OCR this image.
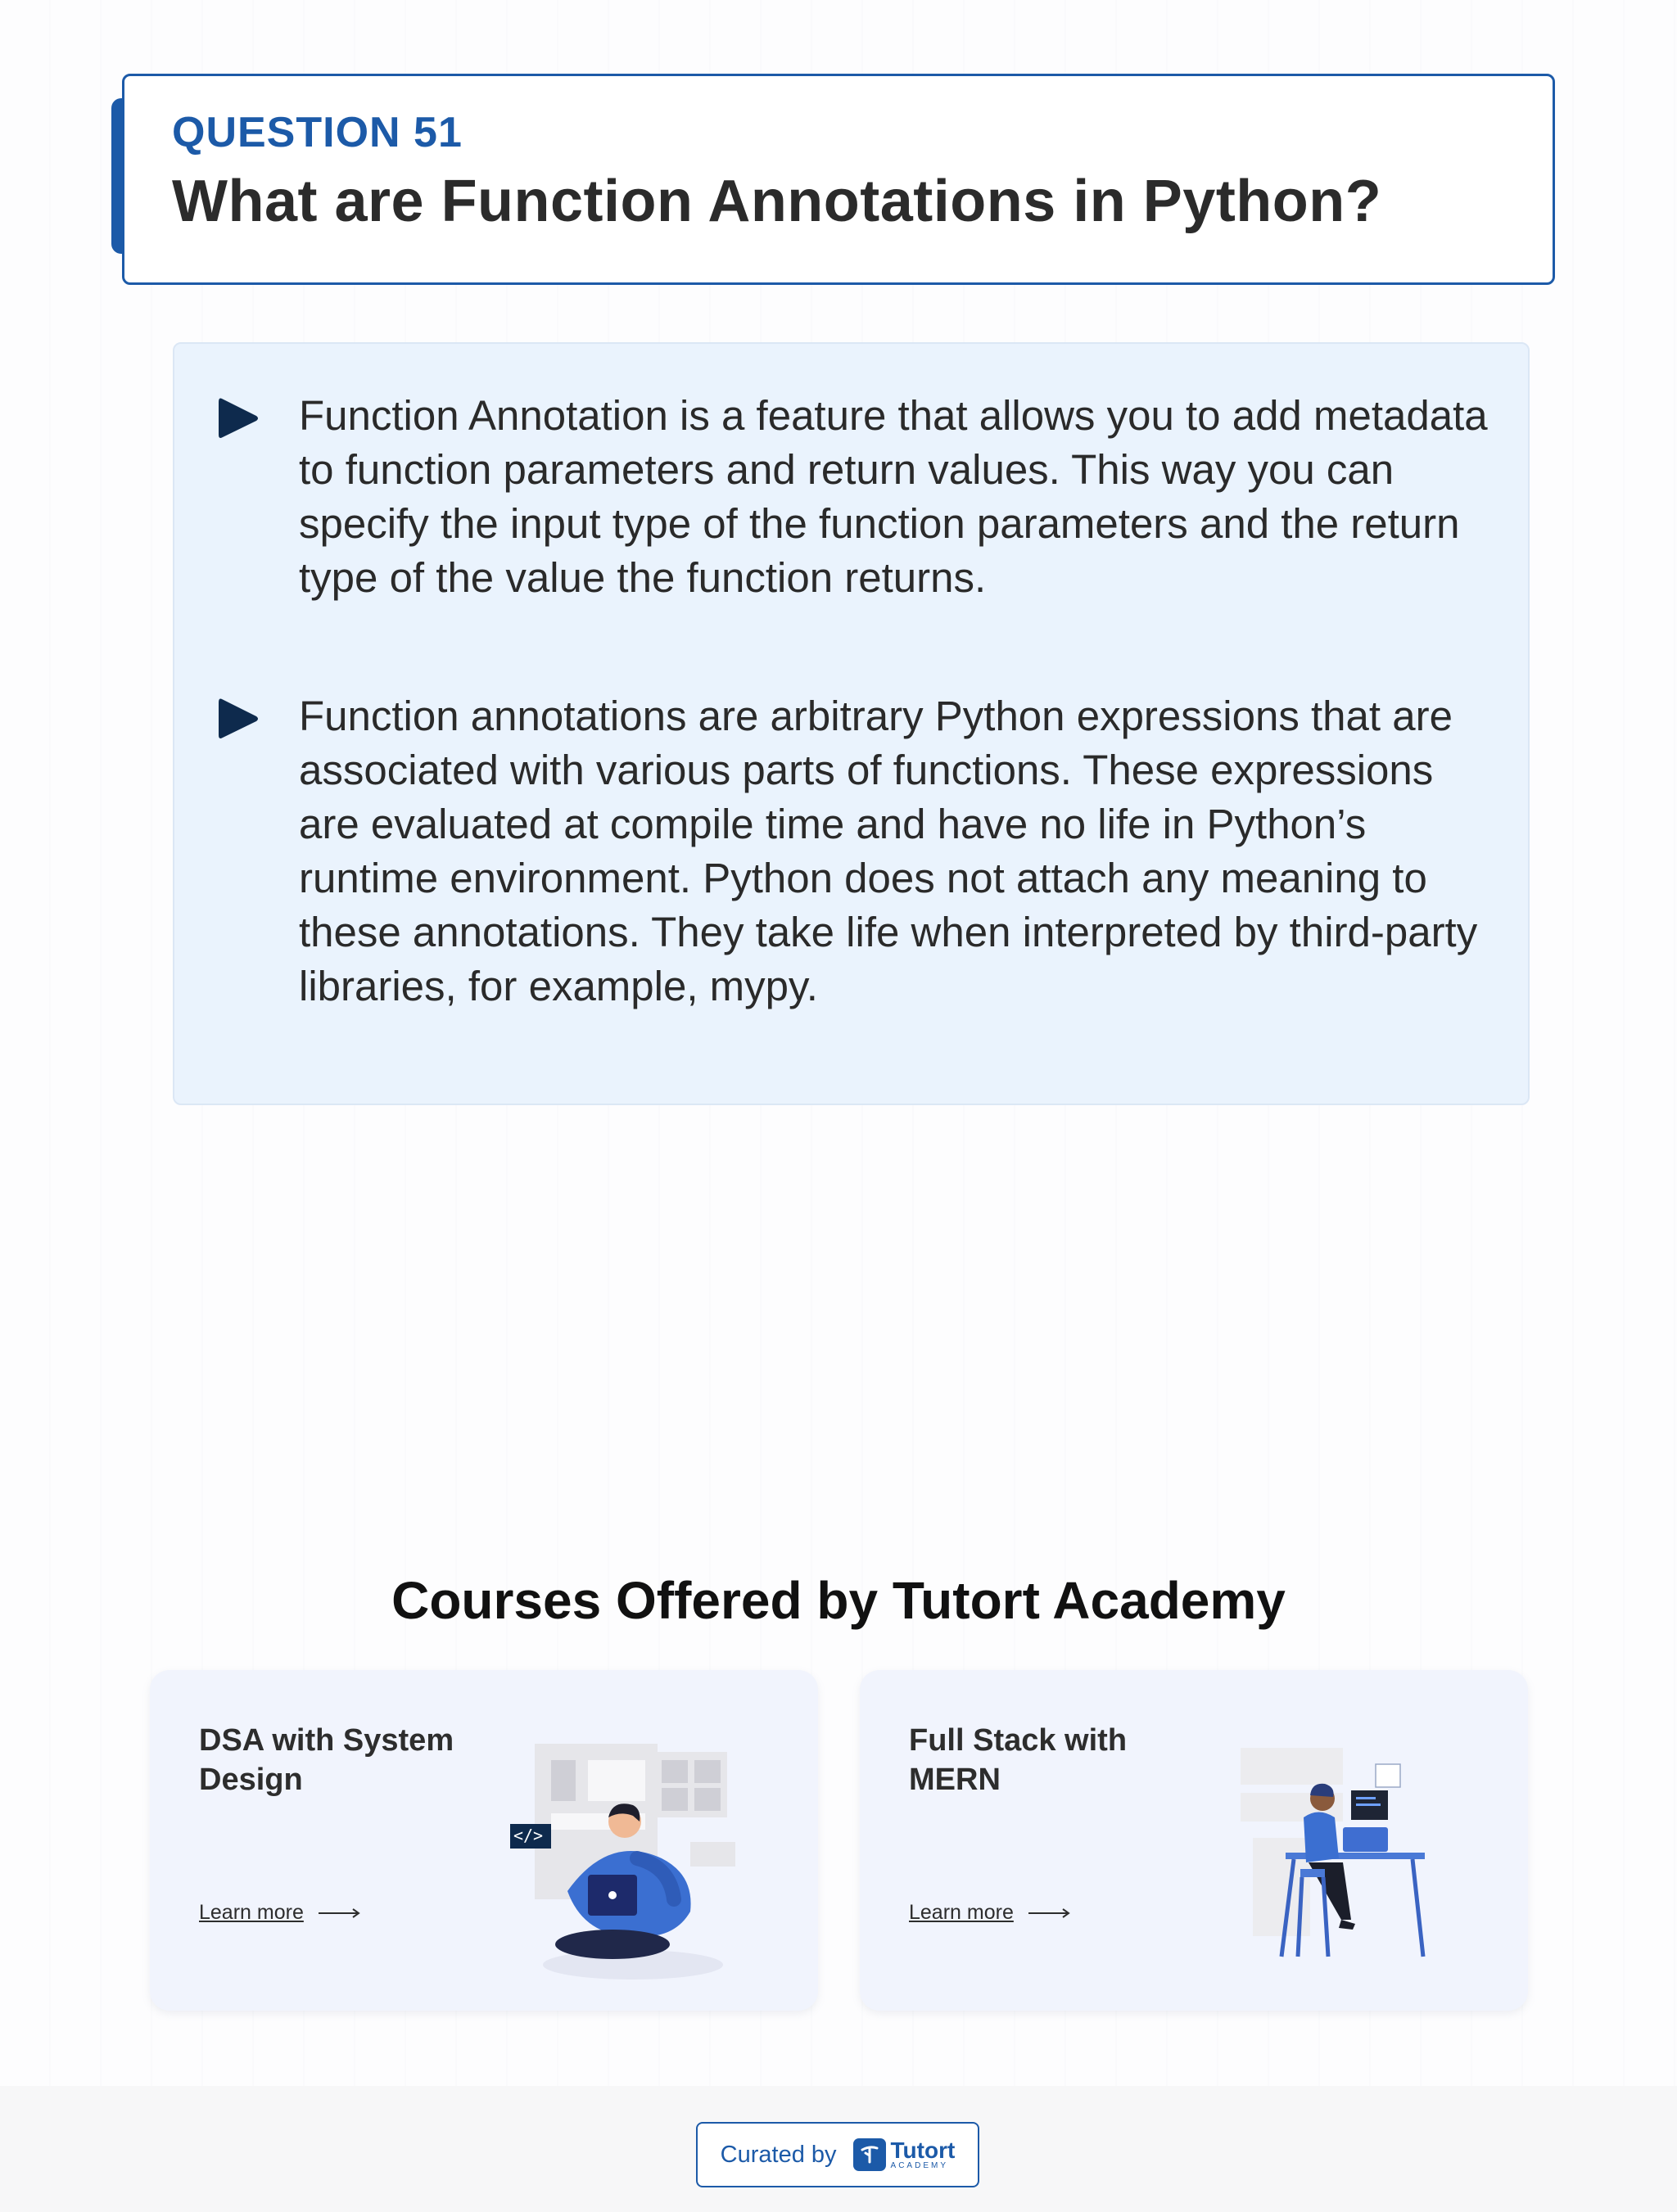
QUESTION 51
What are Function Annotations in Python?

Function Annotation is a feature that allows you to add metadata to function parameters and return values. This way you can specify the input type of the function parameters and the return type of the value the function returns.

Function annotations are arbitrary Python expressions that are associated with various parts of functions. These expressions are evaluated at compile time and have no life in Python’s runtime environment. Python does not attach any meaning to these annotations. They take life when interpreted by third-party libraries, for example, mypy.

Courses Offered by Tutort Academy
DSA with System Design
Learn more
</>
Full Stack with MERN
Learn more
Curated by Tutort
ACADEMY
